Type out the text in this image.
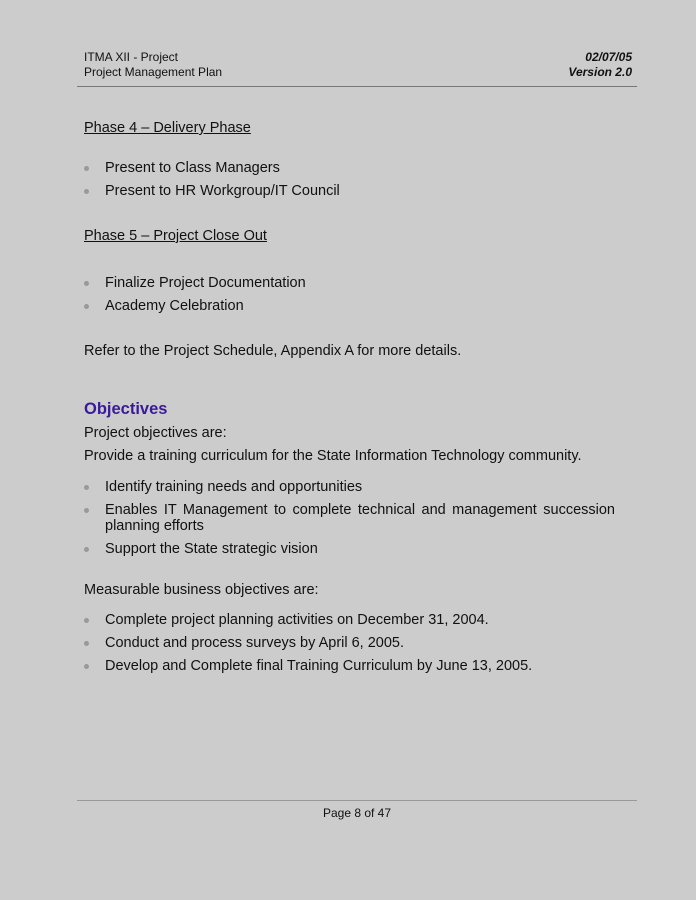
ITMA XII - Project
Project Management Plan
02/07/05
Version 2.0
Phase 4 – Delivery Phase
Present to Class Managers
Present to HR Workgroup/IT Council
Phase 5 – Project Close Out
Finalize Project Documentation
Academy Celebration
Refer to the Project Schedule, Appendix A for more details.
Objectives
Project objectives are:
Provide a training curriculum for the State Information Technology community.
Identify training needs and opportunities
Enables IT Management to complete technical and management succession planning efforts
Support the State strategic vision
Measurable business objectives are:
Complete project planning activities on December 31, 2004.
Conduct and process surveys by April 6, 2005.
Develop and Complete final Training Curriculum by June 13, 2005.
Page 8 of 47
